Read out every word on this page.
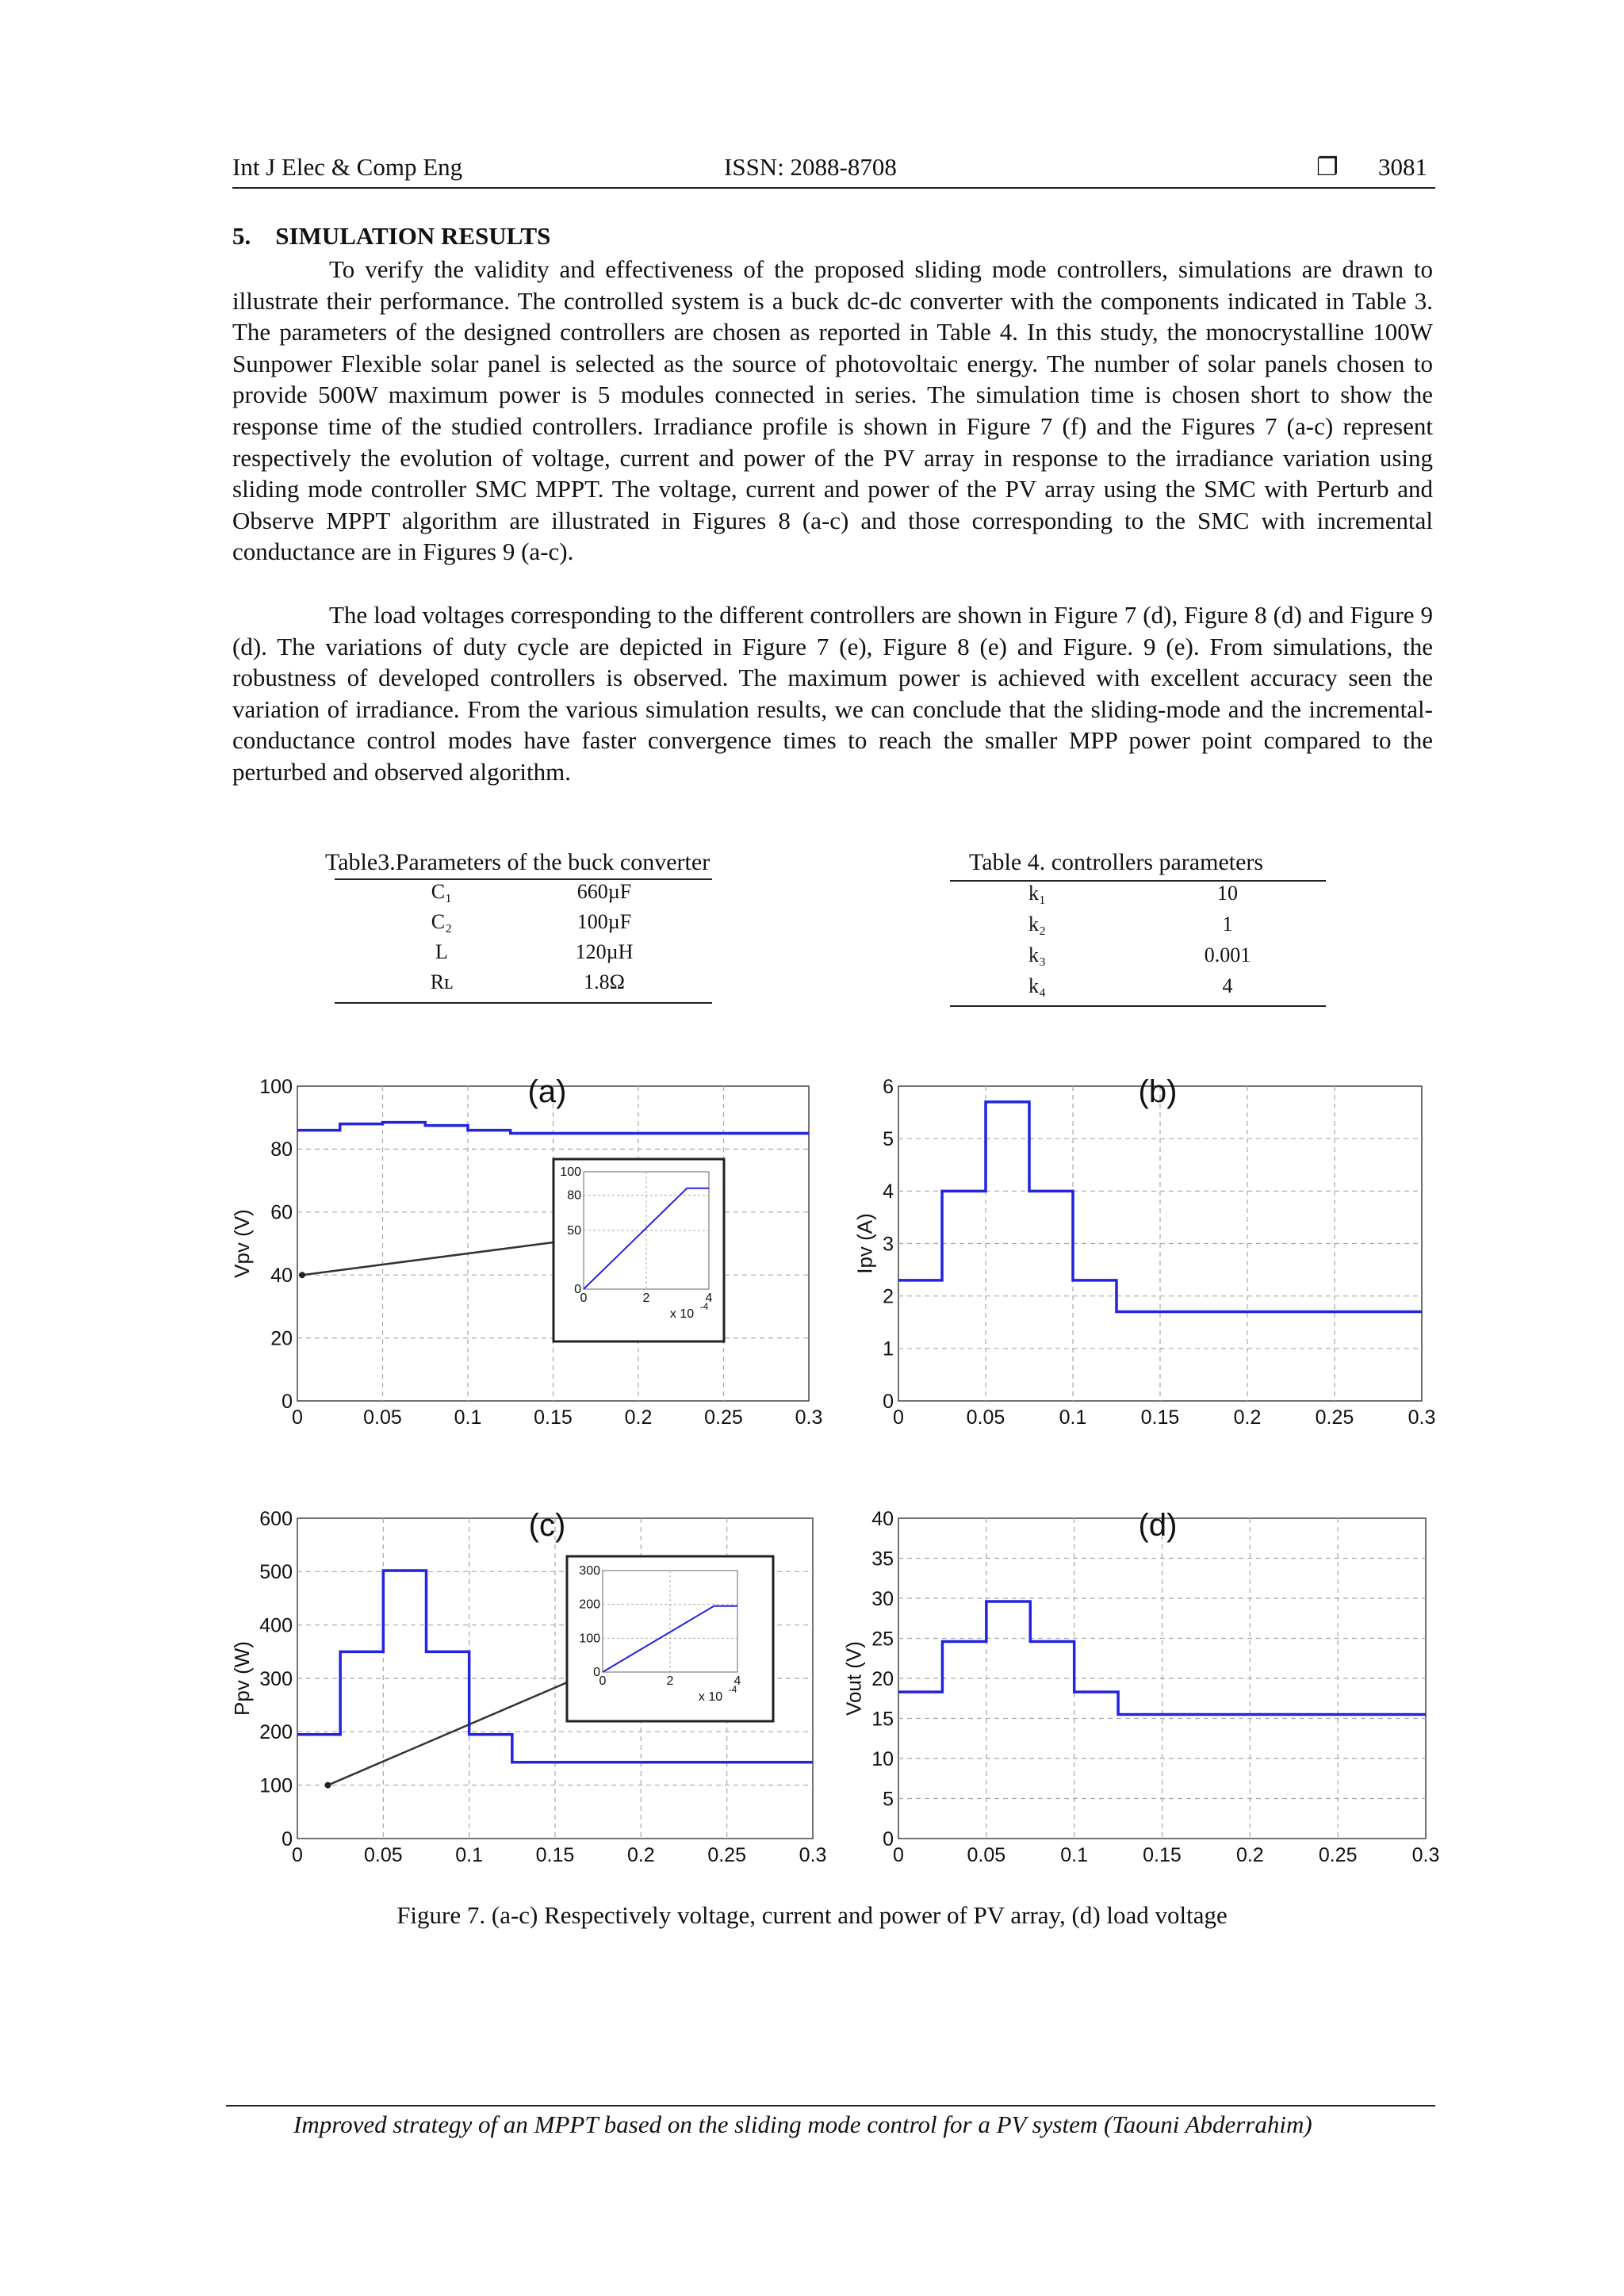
Int J Elec & Comp Eng	ISSN: 2088-8708	❐ 3081
5.    SIMULATION RESULTS

To verify the validity and effectiveness of the proposed sliding mode controllers, simulations are drawn to illustrate their performance. The controlled system is a buck dc-dc converter with the components indicated in Table 3. The parameters of the designed controllers are chosen as reported in Table 4. In this study, the monocrystalline 100W Sunpower Flexible solar panel is selected as the source of photovoltaic energy. The number of solar panels chosen to provide 500W maximum power is 5 modules connected in series. The simulation time is chosen short to show the response time of the studied controllers. Irradiance profile is shown in Figure 7 (f) and the Figures 7 (a-c) represent respectively the evolution of voltage, current and power of the PV array in response to the irradiance variation using sliding mode controller SMC MPPT. The voltage, current and power of the PV array using the SMC with Perturb and Observe MPPT algorithm are illustrated in Figures 8 (a-c) and those corresponding to the SMC with incremental conductance are in Figures 9 (a-c).

The load voltages corresponding to the different controllers are shown in Figure 7 (d), Figure 8 (d) and Figure 9 (d). The variations of duty cycle are depicted in Figure 7 (e), Figure 8 (e) and Figure. 9 (e). From simulations, the robustness of developed controllers is observed. The maximum power is achieved with excellent accuracy seen the variation of irradiance. From the various simulation results, we can conclude that the sliding-mode and the incremental-conductance control modes have faster convergence times to reach the smaller MPP power point compared to the perturbed and observed algorithm.

Table3.Parameters of the buck converter
C₁	660µF
C₂	100µF
L	120µH
Rʟ	1.8Ω
Table 4. controllers parameters
k₁	10
k₂	1
k₃	0.001
k₄	4
0	0.05	0.1	0.15	0.2	0.25	0.3
0
20
40
60
80
100
Vpv (V)
(a)
0
50
80
100
0	2	4
x 10
-4
0	0.05	0.1	0.15	0.2	0.25	0.3
0
1
2
3
4
5
6
Ipv (A)
(b)
0	0.05	0.1	0.15	0.2	0.25	0.3
0
100
200
300
400
500
600
Ppv (W)
(c)
0
100
200
300
0	2	4
x 10
-4
0	0.05	0.1	0.15	0.2	0.25	0.3
0
5
10
15
20
25
30
35
40
Vout (V)
(d)
Figure 7. (a-c) Respectively voltage, current and power of PV array, (d) load voltage
Improved strategy of an MPPT based on the sliding mode control for a PV system (Taouni Abderrahim)
